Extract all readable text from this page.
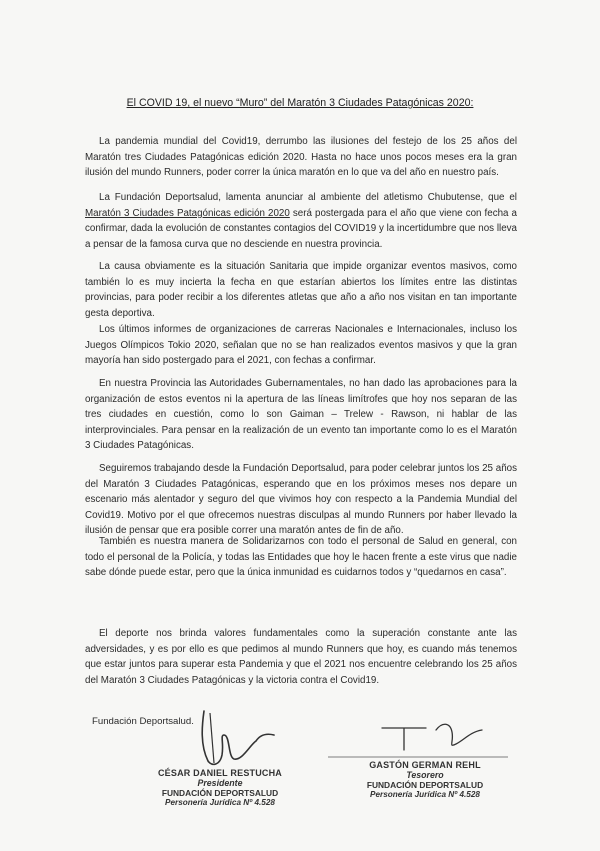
El COVID 19, el nuevo “Muro” del Maratón 3 Ciudades Patagónicas 2020:

La pandemia mundial del Covid19, derrumbo las ilusiones del festejo de los 25 años del Maratón tres Ciudades Patagónicas edición 2020. Hasta no hace unos pocos meses era la gran ilusión del mundo Runners, poder correr la única maratón en lo que va del año en nuestro país.

La Fundación Deportsalud, lamenta anunciar al ambiente del atletismo Chubutense, que el Maratón 3 Ciudades Patagónicas edición 2020 será postergada para el año que viene con fecha a confirmar, dada la evolución de constantes contagios del COVID19 y la incertidumbre que nos lleva a pensar de la famosa curva que no desciende en nuestra provincia.

La causa obviamente es la situación Sanitaria que impide organizar eventos masivos, como también lo es muy incierta la fecha en que estarían abiertos los límites entre las distintas provincias, para poder recibir a los diferentes atletas que año a año nos visitan en tan importante gesta deportiva.

Los últimos informes de organizaciones de carreras Nacionales e Internacionales, incluso los Juegos Olímpicos Tokio 2020, señalan que no se han realizados eventos masivos y que la gran mayoría han sido postergado para el 2021, con fechas a confirmar.

En nuestra Provincia las Autoridades Gubernamentales, no han dado las aprobaciones para la organización de estos eventos ni la apertura de las líneas limítrofes que hoy nos separan de las tres ciudades en cuestión, como lo son Gaiman – Trelew - Rawson, ni hablar de las interprovinciales. Para pensar en la realización de un evento tan importante como lo es el Maratón 3 Ciudades Patagónicas.

Seguiremos trabajando desde la Fundación Deportsalud, para poder celebrar juntos los 25 años del Maratón 3 Ciudades Patagónicas, esperando que en los próximos meses nos depare un escenario más alentador y seguro del que vivimos hoy con respecto a la Pandemia Mundial del Covid19. Motivo por el que ofrecemos nuestras disculpas al mundo Runners por haber llevado la ilusión de pensar que era posible correr una maratón antes de fin de año.

También es nuestra manera de Solidarizarnos con todo el personal de Salud en general, con todo el personal de la Policía, y todas las Entidades que hoy le hacen frente a este virus que nadie sabe dónde puede estar, pero que la única inmunidad es cuidarnos todos y “quedarnos en casa”.

El deporte nos brinda valores fundamentales como la superación constante ante las adversidades, y es por ello es que pedimos al mundo Runners que hoy, es cuando más tenemos que estar juntos para superar esta Pandemia y que el 2021 nos encuentre celebrando los 25 años del Maratón 3 Ciudades Patagónicas y la victoria contra el Covid19.

Fundación Deportsalud.
CÉSAR DANIEL RESTUCHA
Presidente
FUNDACIÓN DEPORTSALUD
Personería Jurídica Nº 4.528
GASTÓN GERMAN REHL
Tesorero
FUNDACIÓN DEPORTSALUD
Personería Jurídica Nº 4.528
